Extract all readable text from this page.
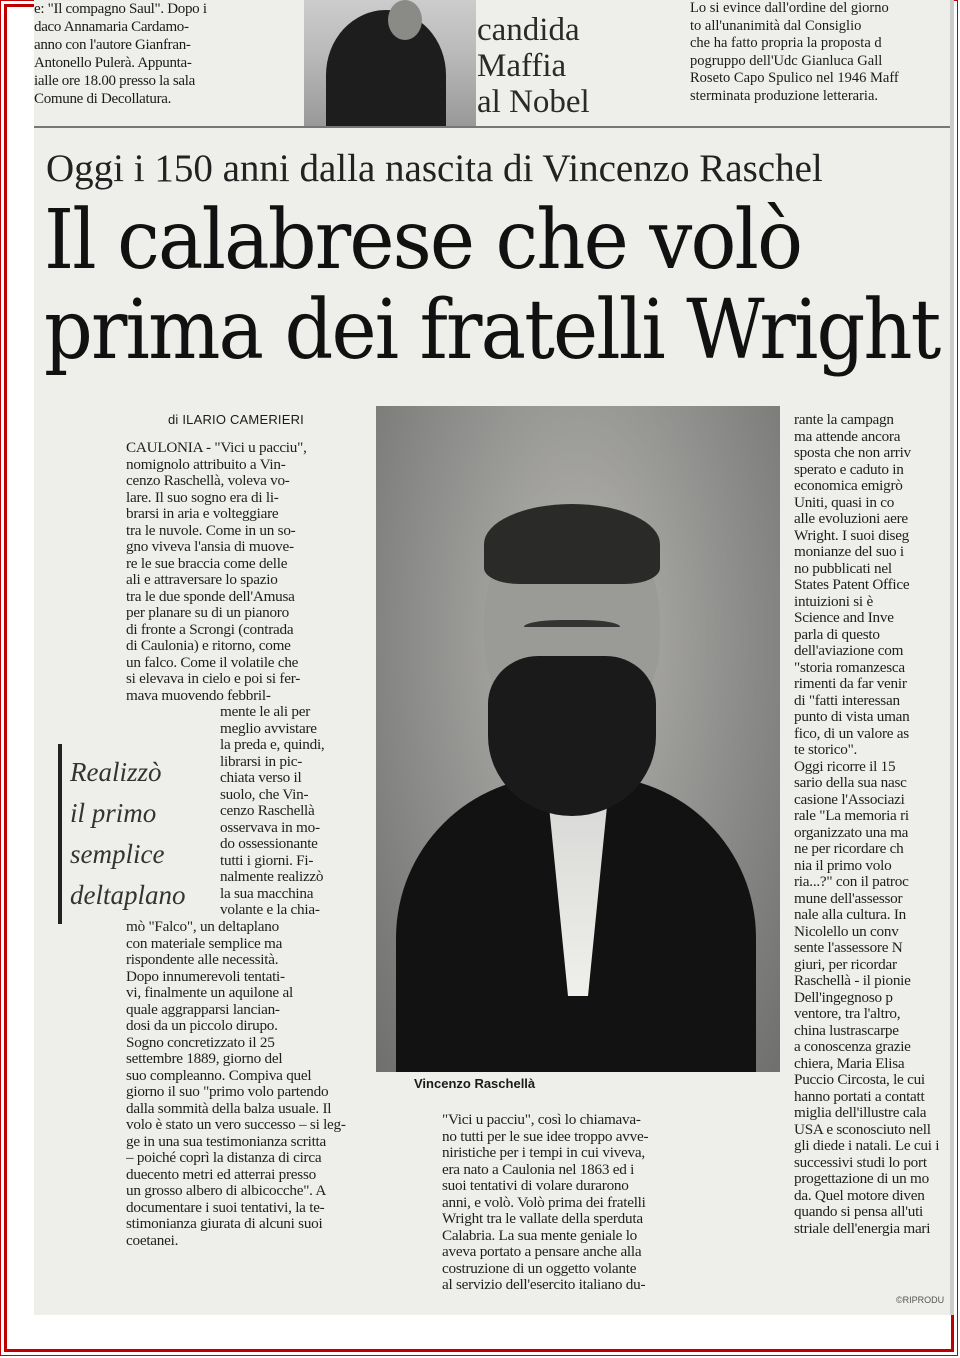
e: "Il compagno Saul". Dopo i

daco Annamaria Cardamo-

anno con l'autore Gianfran-

Antonello Pulerà. Appunta-

ialle ore 18.00 presso la sala

Comune di Decollatura.

candida
Maffia
al Nobel

Lo si evince dall'ordine del giorno

to all'unanimità dal Consiglio

che ha fatto propria la proposta d

pogruppo dell'Udc Gianluca Gall

Roseto Capo Spulico nel 1946 Maff

sterminata produzione letteraria.

Oggi i 150 anni dalla nascita di Vincenzo Raschel
Il calabrese che volò
prima dei fratelli Wright
di ILARIO CAMERIERI
CAULONIA - "Vici u pacciu",
nomignolo attribuito a Vin-
cenzo Raschellà, voleva vo-
lare. Il suo sogno era di li-
brarsi in aria e volteggiare
tra le nuvole. Come in un so-
gno viveva l'ansia di muove-
re le sue braccia come delle
ali e attraversare lo spazio
tra le due sponde dell'Amusa
per planare su di un pianoro
di fronte a Scrongi (contrada
di Caulonia) e ritorno, come
un falco. Come il volatile che
si elevava in cielo e poi si fer-
mava muovendo febbril-
Realizzò
il primo
semplice
deltaplano
mente le ali per
meglio avvistare
la preda e, quindi,
librarsi in pic-
chiata verso il
suolo, che Vin-
cenzo Raschellà
osservava in mo-
do ossessionante
tutti i giorni. Fi-
nalmente realizzò
la sua macchina
volante e la chia-
mò "Falco", un deltaplano
con materiale semplice ma
rispondente alle necessità.
Dopo innumerevoli tentati-
vi, finalmente un aquilone al
quale aggrapparsi lancian-
dosi da un piccolo dirupo.
Sogno concretizzato il 25
settembre 1889, giorno del
suo compleanno. Compiva quel
giorno il suo "primo volo partendo
dalla sommità della balza usuale. Il
volo è stato un vero successo – si leg-
ge in una sua testimonianza scritta
– poiché coprì la distanza di circa
duecento metri ed atterrai presso
un grosso albero di albicocche". A
documentare i suoi tentativi, la te-
stimonianza giurata di alcuni suoi
coetanei.
Vincenzo Raschellà
"Vici u pacciu", così lo chiamava-
no tutti per le sue idee troppo avve-
niristiche per i tempi in cui viveva,
era nato a Caulonia nel 1863 ed i
suoi tentativi di volare durarono
anni, e volò. Volò prima dei fratelli
Wright tra le vallate della sperduta
Calabria. La sua mente geniale lo
aveva portato a pensare anche alla
costruzione di un oggetto volante
al servizio dell'esercito italiano du-
rante la campagn
ma attende ancora
sposta che non arriv
sperato e caduto in
economica emigrò
Uniti, quasi in co
alle evoluzioni aere
Wright. I suoi diseg
monianze del suo i
no pubblicati nel
States Patent Office
intuizioni si è
Science and Inve
parla di questo
dell'aviazione com
"storia romanzesca
rimenti da far venir
di "fatti interessan
punto di vista uman
fico, di un valore as
te storico".
Oggi ricorre il 15
sario della sua nasc
casione l'Associazi
rale "La memoria ri
organizzato una ma
ne per ricordare ch
nia il primo volo
ria...?" con il patroc
mune dell'assessor
nale alla cultura. In
Nicolello un conv
sente l'assessore N
giuri, per ricordar
Raschellà - il pionie
Dell'ingegnoso p
ventore, tra l'altro,
china lustrascarpe
a conoscenza grazie
chiera, Maria Elisa
Puccio Circosta, le cui
hanno portati a contatt
miglia dell'illustre cala
USA e sconosciuto nell
gli diede i natali. Le cui i
successivi studi lo port
progettazione di un mo
da. Quel motore diven
quando si pensa all'uti
striale dell'energia mari
©RIPRODU
